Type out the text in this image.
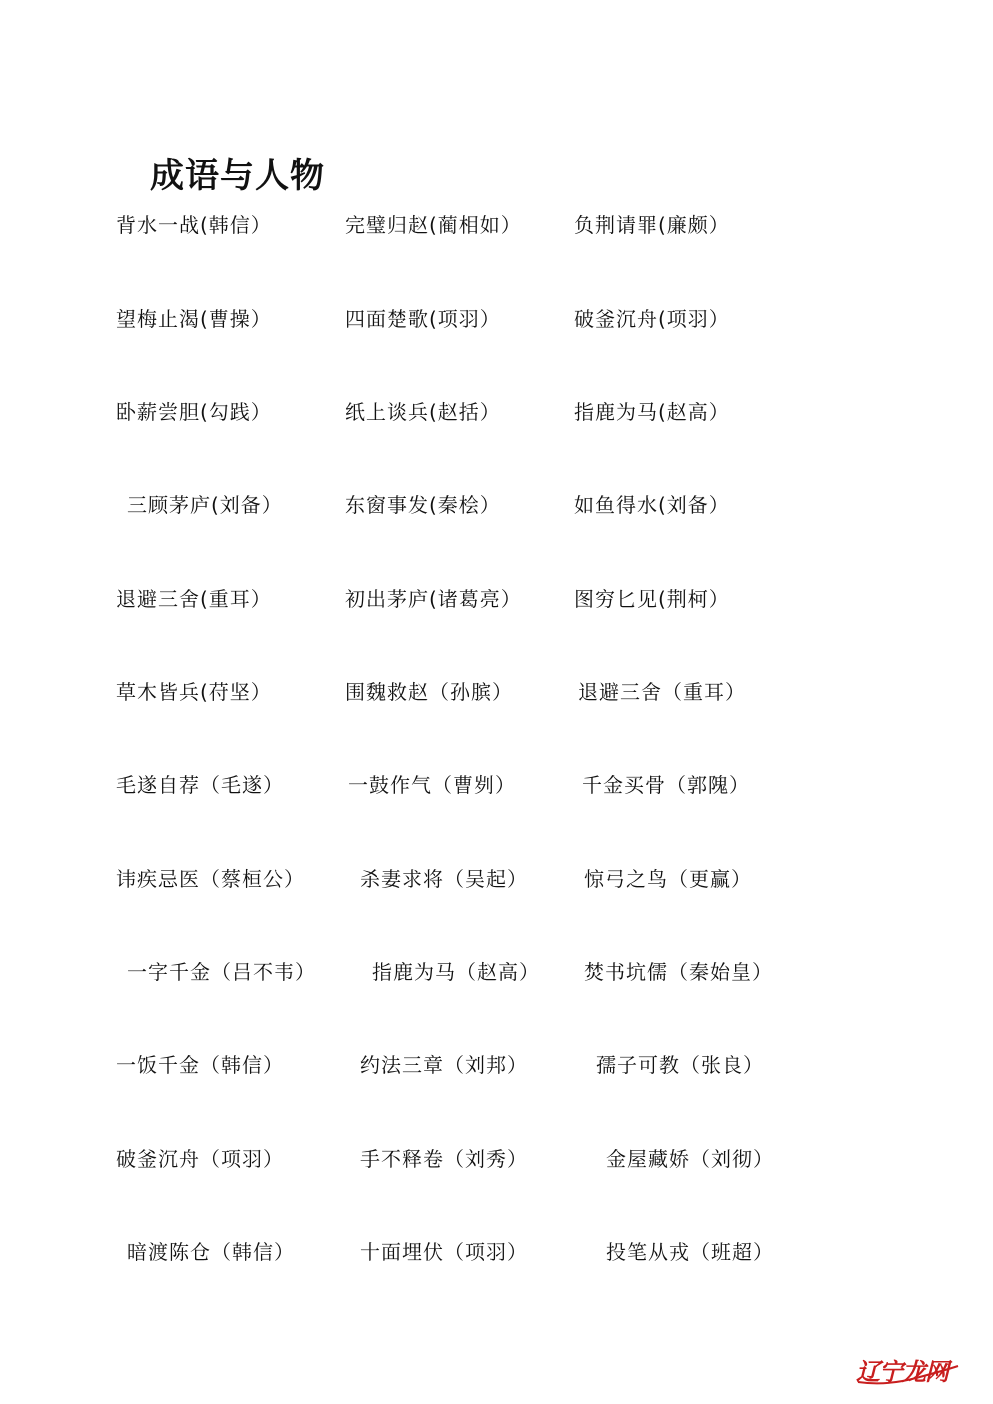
成语与人物
背水一战(韩信）	完璧归赵(蔺相如）	负荆请罪(廉颇）
望梅止渴(曹操）	四面楚歌(项羽）	破釜沉舟(项羽）
卧薪尝胆(勾践）	纸上谈兵(赵括）	指鹿为马(赵高）
三顾茅庐(刘备）	东窗事发(秦桧）	如鱼得水(刘备）
退避三舍(重耳）	初出茅庐(诸葛亮）	图穷匕见(荆柯）
草木皆兵(苻坚）	围魏救赵（孙膑）	退避三舍（重耳）
毛遂自荐（毛遂）	一鼓作气（曹刿）	千金买骨（郭隗）
讳疾忌医（蔡桓公）	杀妻求将（吴起）	惊弓之鸟（更赢）
一字千金（吕不韦）	指鹿为马（赵高） 焚书坑儒（秦始皇）
一饭千金（韩信）	约法三章（刘邦）	孺子可教（张良）
破釜沉舟（项羽）	手不释卷（刘秀）	金屋藏娇（刘彻）
暗渡陈仓（韩信）	十面埋伏（项羽）	投笔从戎（班超）
辽宁龙网
